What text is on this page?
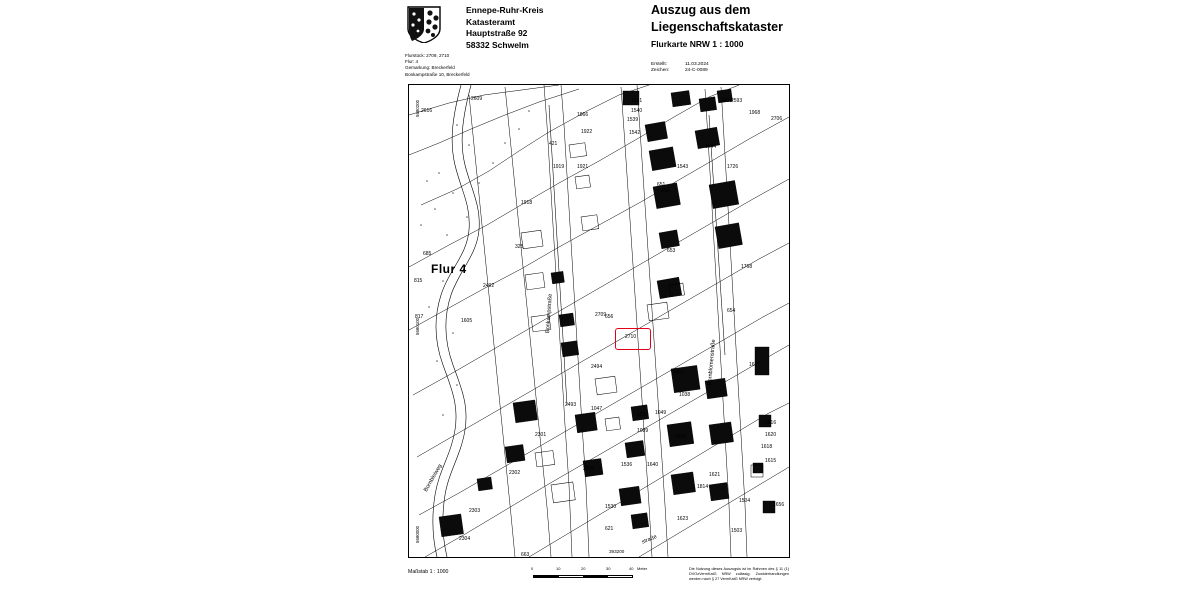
Ennepe-Ruhr-Kreis
Katasteramt
Hauptstraße 92
58332 Schwelm
Auszug aus dem
Liegenschaftskataster
Flurkarte NRW 1 : 1000
Flurstück: 2709, 2710
Flur: 4
Gemarkung: Breckerfeld
Bonkampstraße 10, Breckerfeld
Erstellt:	11.03.2024
Zeichen:	24-C-0089
2710
Flur 4
Bonkampstraße
Bornblomenstraße
Bornbleiweg
straße
5680200
5680100
5680000
393200
2616
2609
1866
1922
421
1919	1921
1918
325
685
815
2492
1605
817	2709
2493
1047
2301
2302
2303
2304
2306
2494
1530
621
663
2307
1038
1639
1536	1640
1814
1621
1504
1623
1503
1656
1616
1620
1618
1615
1637
654
1768
653
652
1543
1544
1726
1541
1540
1539
1542
1411 2593
1968
2706
656
1057 1049
1009
651
Maßstab 1 : 1000
0	10	20	30	40 Meter	Die Nutzung dieses Auszugsis ist im Rahmen des § 11 (1) DVOzVermKatG NRW zulässig. Zuwiderhandlungen werden nach § 27 VermKatG NRW verfolgt.
